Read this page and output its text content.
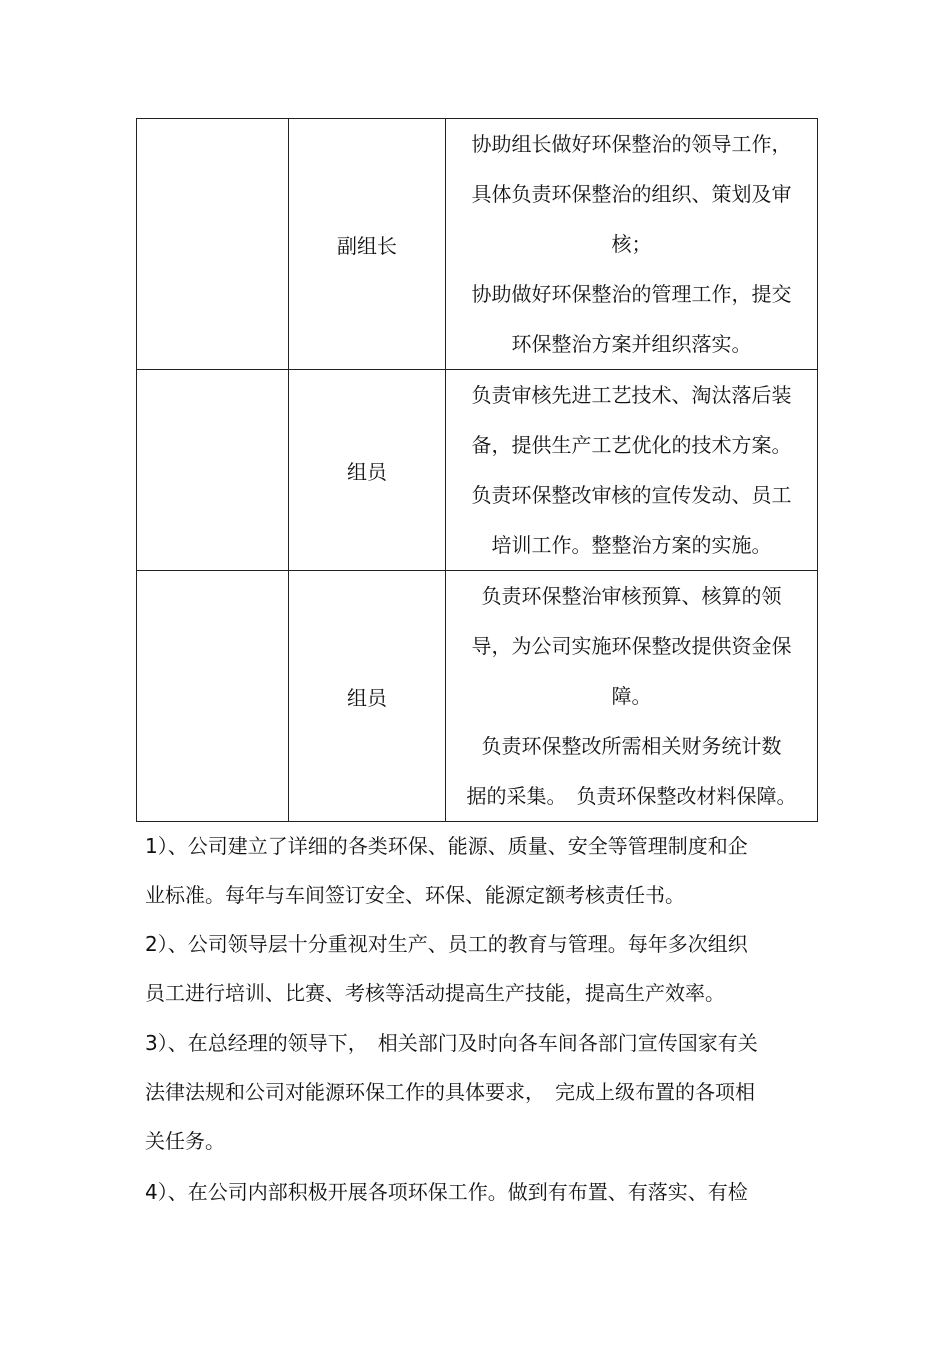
	副组长	协助组长做好环保整治的领导工作，

具体负责环保整治的组织、策划及审

核；

协助做好环保整治的管理工作，提交

环保整治方案并组织落实。

	组员	负责审核先进工艺技术、淘汰落后装

备，提供生产工艺优化的技术方案。

负责环保整改审核的宣传发动、员工

培训工作。整整治方案的实施。

	组员	负责环保整治审核预算、核算的领

导，为公司实施环保整改提供资金保

障。

负责环保整改所需相关财务统计数

据的采集。　负责环保整改材料保障。

1）、公司建立了详细的各类环保、能源、质量、安全等管理制度和企
业标准。每年与车间签订安全、环保、能源定额考核责任书。
2）、公司领导层十分重视对生产、员工的教育与管理。每年多次组织
员工进行培训、比赛、考核等活动提高生产技能，提高生产效率。
3）、在总经理的领导下，　相关部门及时向各车间各部门宣传国家有关
法律法规和公司对能源环保工作的具体要求，　完成上级布置的各项相
关任务。
4）、在公司内部积极开展各项环保工作。做到有布置、有落实、有检
